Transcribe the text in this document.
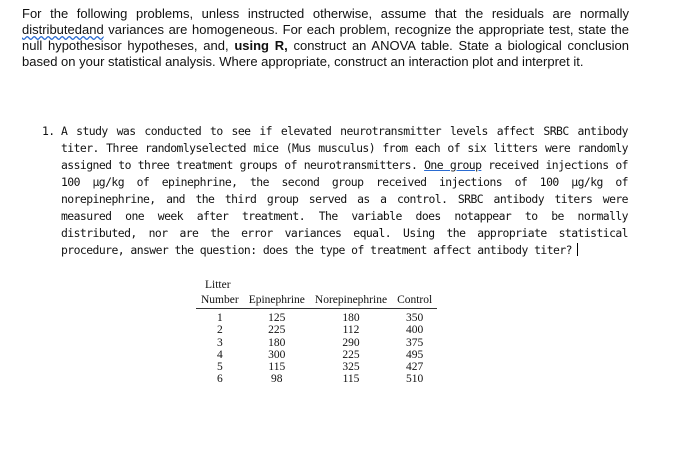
For the following problems, unless instructed otherwise, assume that the residuals are normally distributedand variances are homogeneous. For each problem, recognize the appropriate test, state the null hypothesisor hypotheses, and, using R, construct an ANOVA table. State a biological conclusion based on your statistical analysis. Where appropriate, construct an interaction plot and interpret it.

1. A study was conducted to see if elevated neurotransmitter levels affect SRBC antibody titer. Three randomlyselected mice (Mus musculus) from each of six litters were randomly assigned to three treatment groups of neurotransmitters. One group received injections of 100 µg/kg of epinephrine, the second group received injections of 100 µg/kg of norepinephrine, and the third group served as a control. SRBC antibody titers were measured one week after treatment. The variable does notappear to be normally distributed, nor are the error variances equal. Using the appropriate statistical procedure, answer the question: does the type of treatment affect antibody titer?
Litter
Number	Epinephrine	Norepinephrine	Control
1	125	180	350
2	225	112	400
3	180	290	375
4	300	225	495
5	115	325	427
6	98	115	510
